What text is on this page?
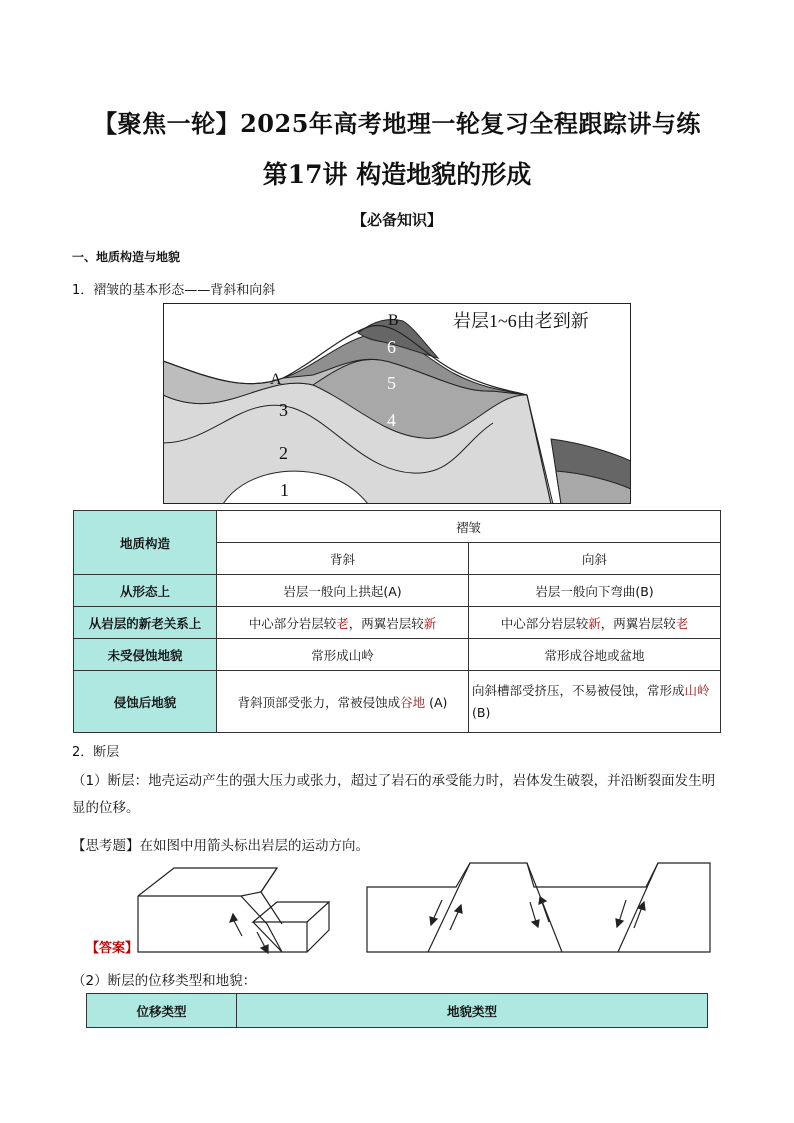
【聚焦一轮】2025年高考地理一轮复习全程跟踪讲与练
第17讲 构造地貌的形成
【必备知识】
一、地质构造与地貌
1．褶皱的基本形态——背斜和向斜
岩层1~6由老到新
B
A
6
5
4
3
2
1
地质构造	褶皱	
	背斜	向斜
从形态上	岩层一般向上拱起(A)	岩层一般向下弯曲(B)
从岩层的新老关系上	中心部分岩层较老，两翼岩层较新	中心部分岩层较新，两翼岩层较老
未受侵蚀地貌	常形成山岭	常形成谷地或盆地
侵蚀后地貌	背斜顶部受张力，常被侵蚀成谷地 (A)	向斜槽部受挤压，不易被侵蚀，常形成山岭(B)
2．断层

（1）断层：地壳运动产生的强大压力或张力，超过了岩石的承受能力时，岩体发生破裂，并沿断裂面发生明显的位移。

【思考题】在如图中用箭头标出岩层的运动方向。
【答案】
（2）断层的位移类型和地貌：
位移类型	地貌类型
